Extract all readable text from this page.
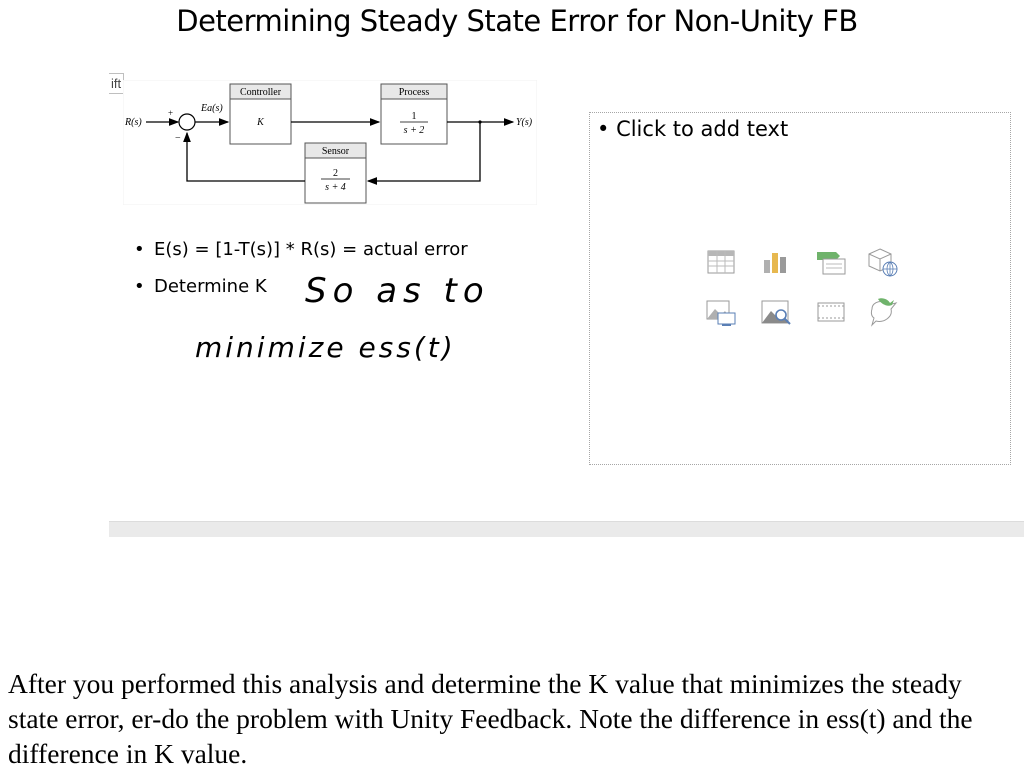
Determining Steady State Error for Non-Unity FB
ift
R(s)
+
−
Ea(s)
Controller
K
Process
1
s + 2
Y(s)
Sensor
2
s + 4
• E(s) = [1-T(s)] * R(s) = actual error
• Determine K	So as to
minimize ess(t)
• Click to add text

After you performed this analysis and determine the K value that minimizes the steady state error, er-do the problem with Unity Feedback. Note the difference in ess(t) and the difference in K value.
